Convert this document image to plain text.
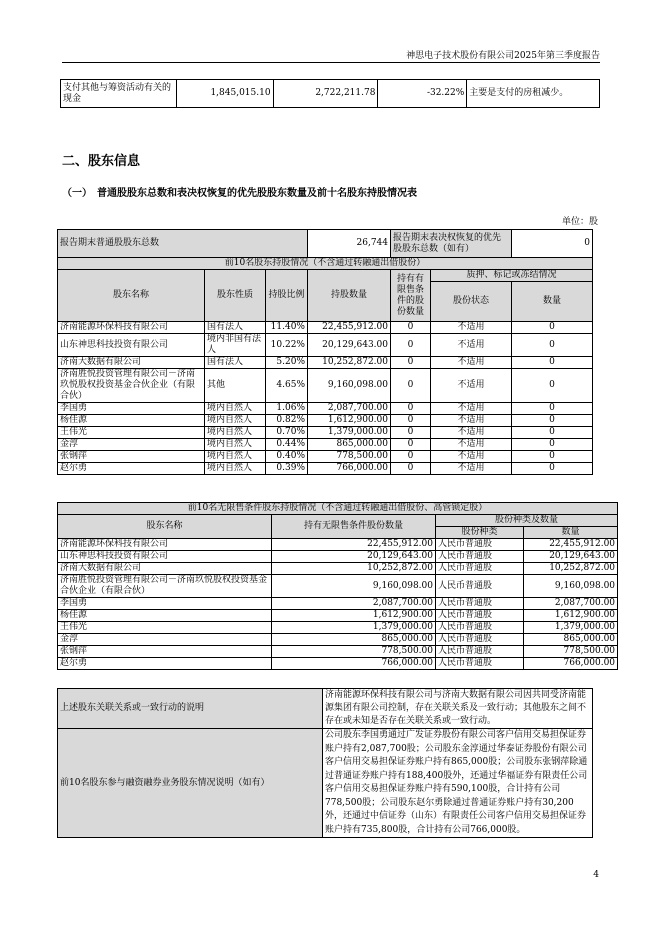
神思电子技术股份有限公司2025年第三季度报告
支付其他与筹资活动有关的现金	1,845,015.10	2,722,211.78	-32.22%	主要是支付的房租减少。
二、股东信息
（一）　普通股股东总数和表决权恢复的优先股股东数量及前十名股东持股情况表
单位：股
报告期末普通股股东总数			26,744	报告期末表决权恢复的优先股股东总数（如有）		0
前10名股东持股情况（不含通过转融通出借股份）						
股东名称	股东性质	持股比例	持股数量	持有有限售条件的股份数量	质押、标记或冻结情况	
					股份状态	数量
济南能源环保科技有限公司	国有法人	11.40%	22,455,912.00	0	不适用	0
山东神思科技投资有限公司	境内非国有法人	10.22%	20,129,643.00	0	不适用	0
济南大数据有限公司	国有法人	5.20%	10,252,872.00	0	不适用	0
济南胜悦投资管理有限公司－济南玖悦股权投资基金合伙企业（有限合伙）	其他	4.65%	9,160,098.00	0	不适用	0
李国勇	境内自然人	1.06%	2,087,700.00	0	不适用	0
杨佳源	境内自然人	0.82%	1,612,900.00	0	不适用	0
王伟光	境内自然人	0.70%	1,379,000.00	0	不适用	0
金淳	境内自然人	0.44%	865,000.00	0	不适用	0
张钢萍	境内自然人	0.40%	778,500.00	0	不适用	0
赵尔勇	境内自然人	0.39%	766,000.00	0	不适用	0
前10名无限售条件股东持股情况（不含通过转融通出借股份、高管锁定股）			
股东名称	持有无限售条件股份数量	股份种类及数量	
		股份种类	数量
济南能源环保科技有限公司	22,455,912.00	人民币普通股	22,455,912.00
山东神思科技投资有限公司	20,129,643.00	人民币普通股	20,129,643.00
济南大数据有限公司	10,252,872.00	人民币普通股	10,252,872.00
济南胜悦投资管理有限公司－济南玖悦股权投资基金合伙企业（有限合伙）	9,160,098.00	人民币普通股	9,160,098.00
李国勇	2,087,700.00	人民币普通股	2,087,700.00
杨佳源	1,612,900.00	人民币普通股	1,612,900.00
王伟光	1,379,000.00	人民币普通股	1,379,000.00
金淳	865,000.00	人民币普通股	865,000.00
张钢萍	778,500.00	人民币普通股	778,500.00
赵尔勇	766,000.00	人民币普通股	766,000.00
上述股东关联关系或一致行动的说明	济南能源环保科技有限公司与济南大数据有限公司因共同受济南能源集团有限公司控制，存在关联关系及一致行动；其他股东之间不存在或未知是否存在关联关系或一致行动。
前10名股东参与融资融券业务股东情况说明（如有）	公司股东李国勇通过广发证券股份有限公司客户信用交易担保证券账户持有2,087,700股；公司股东金淳通过华泰证券股份有限公司客户信用交易担保证券账户持有865,000股；公司股东张钢萍除通过普通证券账户持有188,400股外，还通过华福证券有限责任公司客户信用交易担保证券账户持有590,100股，合计持有公司778,500股；公司股东赵尔勇除通过普通证券账户持有30,200外，还通过中信证券（山东）有限责任公司客户信用交易担保证券账户持有735,800股，合计持有公司766,000股。
4
